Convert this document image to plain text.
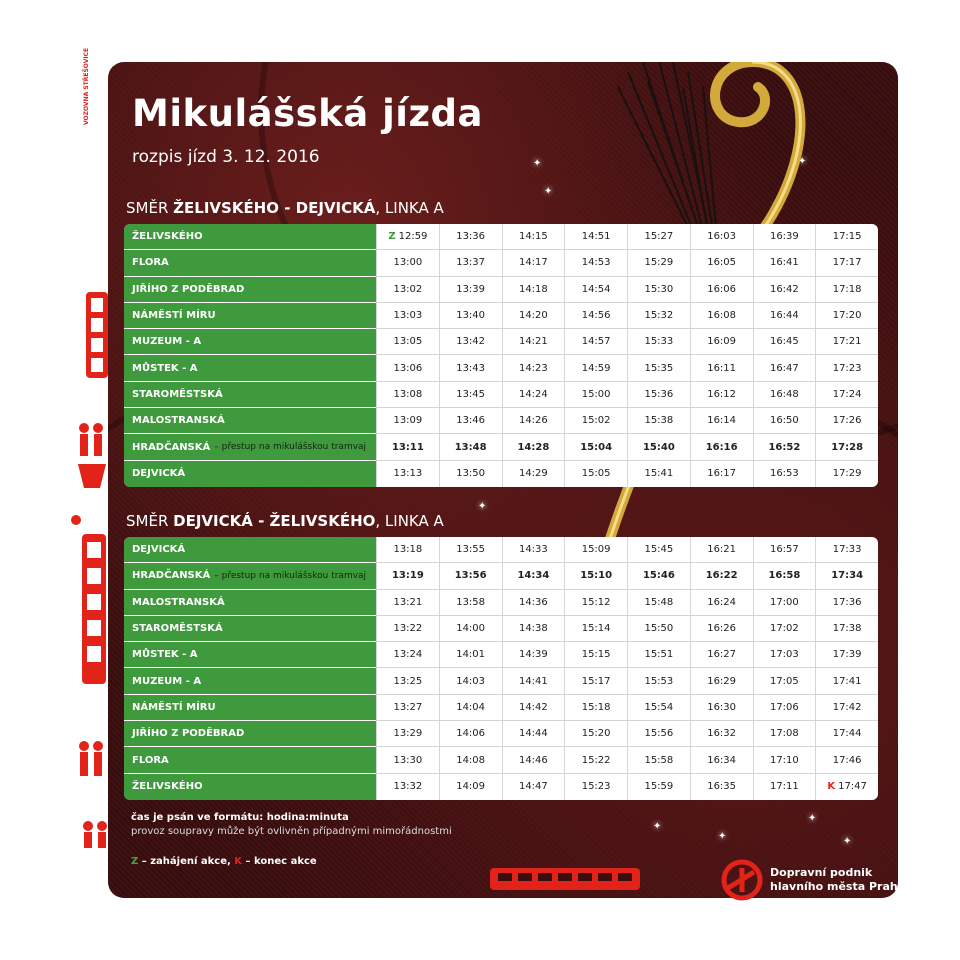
✦	✦
✦
✦
✦
✦
✦
✦
✦
VOZOVNA STŘEŠOVICE Mikulášská jízda
rozpis jízd 3. 12. 2016
SMĚR ŽELIVSKÉHO - DEJVICKÁ, LINKA A
ŽELIVSKÉHO	Z 12:59	13:36	14:15	14:51	15:27	16:03	16:39	17:15
FLORA	13:00	13:37	14:17	14:53	15:29	16:05	16:41	17:17
JIŘÍHO Z PODĚBRAD	13:02	13:39	14:18	14:54	15:30	16:06	16:42	17:18
NÁMĚSTÍ MÍRU	13:03	13:40	14:20	14:56	15:32	16:08	16:44	17:20
MUZEUM - A	13:05	13:42	14:21	14:57	15:33	16:09	16:45	17:21
MŮSTEK - A	13:06	13:43	14:23	14:59	15:35	16:11	16:47	17:23
STAROMĚSTSKÁ	13:08	13:45	14:24	15:00	15:36	16:12	16:48	17:24
MALOSTRANSKÁ	13:09	13:46	14:26	15:02	15:38	16:14	16:50	17:26
HRADČANSKÁ – přestup na mikulášskou tramvaj	13:11	13:48	14:28	15:04	15:40	16:16	16:52	17:28
DEJVICKÁ	13:13	13:50	14:29	15:05	15:41	16:17	16:53	17:29
SMĚR DEJVICKÁ - ŽELIVSKÉHO, LINKA A
DEJVICKÁ	13:18	13:55	14:33	15:09	15:45	16:21	16:57	17:33
HRADČANSKÁ – přestup na mikulášskou tramvaj	13:19	13:56	14:34	15:10	15:46	16:22	16:58	17:34
MALOSTRANSKÁ	13:21	13:58	14:36	15:12	15:48	16:24	17:00	17:36
STAROMĚSTSKÁ	13:22	14:00	14:38	15:14	15:50	16:26	17:02	17:38
MŮSTEK - A	13:24	14:01	14:39	15:15	15:51	16:27	17:03	17:39
MUZEUM - A	13:25	14:03	14:41	15:17	15:53	16:29	17:05	17:41
NÁMĚSTÍ MÍRU	13:27	14:04	14:42	15:18	15:54	16:30	17:06	17:42
JIŘÍHO Z PODĚBRAD	13:29	14:06	14:44	15:20	15:56	16:32	17:08	17:44
FLORA	13:30	14:08	14:46	15:22	15:58	16:34	17:10	17:46
ŽELIVSKÉHO	13:32	14:09	14:47	15:23	15:59	16:35	17:11	K 17:47
čas je psán ve formátu: hodina:minuta
provoz soupravy může být ovlivněn případnými mimořádnostmi
Z – zahájení akce, K – konec akce
Dopravní podnik
hlavního města Prahy
